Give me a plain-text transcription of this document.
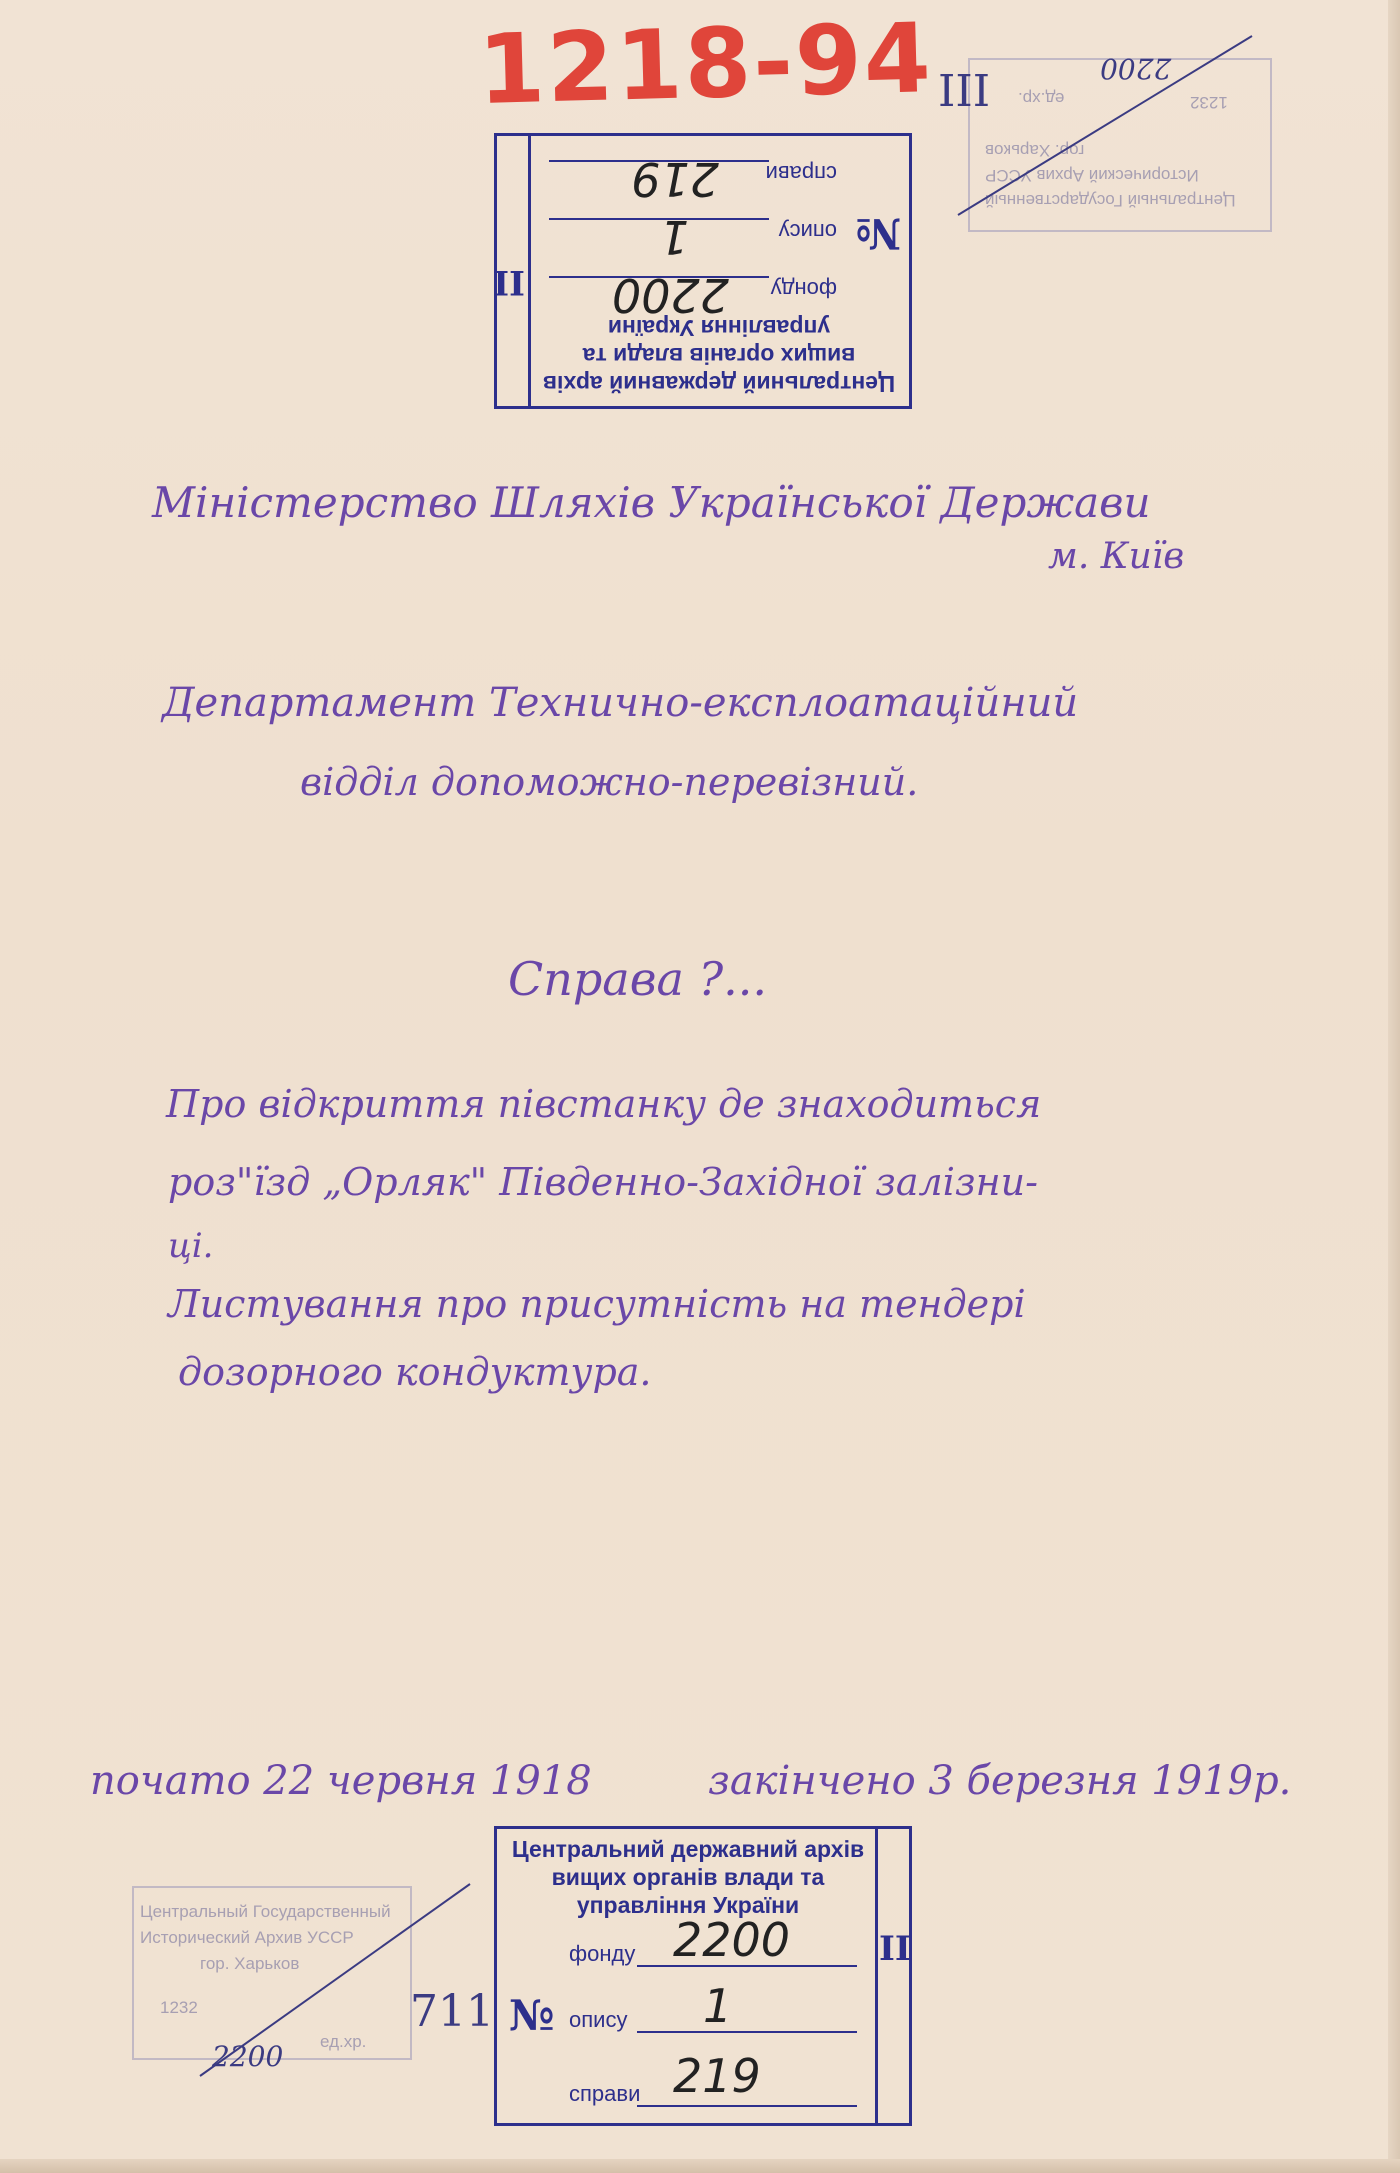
1218-94
Центральний державний архів
вищих органів влади та
управління України
фонду
2200
№
опису
1
справи
219
II
гор. Харьков
Исторический Архив УССР
Центральный Государственный
III	2200
ед.хр.	1232
Міністерство Шляхів Української Держави
м. Київ
Департамент Технично-експлоатаційний
відділ допоможно-перевізний.
Справа ?...
Про відкриття півстанку де знаходиться
роз"їзд „Орляк" Південно-Західної залізни-
ці.
Листування про присутність на тендері
дозорного кондуктура.
почато 22 червня 1918	закінчено 3 березня 1919р.
Центральний державний архів
вищих органів влади та
управління України
фонду 2200
№ опису 1
справи 219
II
Центральный Государственный
Исторический Архив УССР
гор. Харьков
1232
2200 ед.хр.
711
